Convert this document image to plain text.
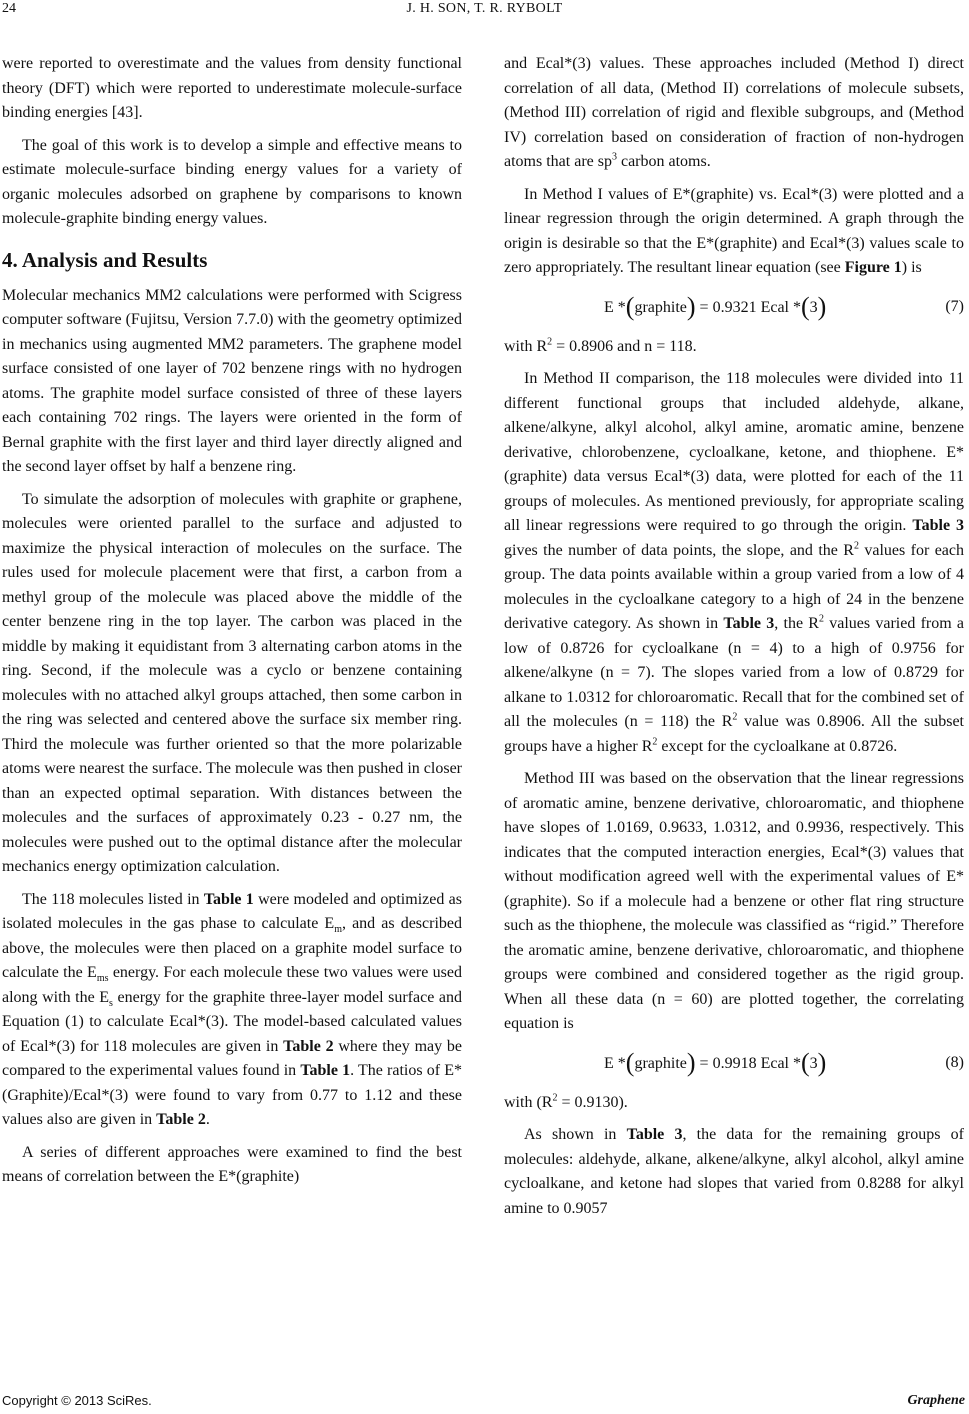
24	J. H. SON, T. R. RYBOLT

were reported to overestimate and the values from density functional theory (DFT) which were reported to underestimate molecule-surface binding energies [43].

The goal of this work is to develop a simple and effective means to estimate molecule-surface binding energy values for a variety of organic molecules adsorbed on graphene by comparisons to known molecule-graphite binding energy values.

4. Analysis and Results

Molecular mechanics MM2 calculations were performed with Scigress computer software (Fujitsu, Version 7.7.0) with the geometry optimized in mechanics using augmented MM2 parameters. The graphene model surface consisted of one layer of 702 benzene rings with no hydrogen atoms. The graphite model surface consisted of three of these layers each containing 702 rings. The layers were oriented in the form of Bernal graphite with the first layer and third layer directly aligned and the second layer offset by half a benzene ring.

To simulate the adsorption of molecules with graphite or graphene, molecules were oriented parallel to the surface and adjusted to maximize the physical interaction of molecules on the surface. The rules used for molecule placement were that first, a carbon from a methyl group of the molecule was placed above the middle of the center benzene ring in the top layer. The carbon was placed in the middle by making it equidistant from 3 alternating carbon atoms in the ring. Second, if the molecule was a cyclo or benzene containing molecules with no attached alkyl groups attached, then some carbon in the ring was selected and centered above the surface six member ring. Third the molecule was further oriented so that the more polarizable atoms were nearest the surface. The molecule was then pushed in closer than an expected optimal separation. With distances between the molecules and the surfaces of approximately 0.23 - 0.27 nm, the molecules were pushed out to the optimal distance after the molecular mechanics energy optimization calculation.

The 118 molecules listed in Table 1 were modeled and optimized as isolated molecules in the gas phase to calculate $E_m$, and as described above, the molecules were then placed on a graphite model surface to calculate the $E_{ms}$ energy. For each molecule these two values were used along with the $E_s$ energy for the graphite three-layer model surface and Equation (1) to calculate Ecal*(3). The model-based calculated values of Ecal*(3) for 118 molecules are given in Table 2 where they may be compared to the experimental values found in Table 1. The ratios of E*(Graphite)/Ecal*(3) were found to vary from 0.77 to 1.12 and these values also are given in Table 2.

A series of different approaches were examined to find the best means of correlation between the E*(graphite)

and Ecal*(3) values. These approaches included (Method I) direct correlation of all data, (Method II) correlations of molecule subsets, (Method III) correlation of rigid and flexible subgroups, and (Method IV) correlation based on consideration of fraction of non-hydrogen atoms that are $sp^3$ carbon atoms.

In Method I values of E*(graphite) vs. Ecal*(3) were plotted and a linear regression through the origin determined. A graph through the origin is desirable so that the E*(graphite) and Ecal*(3) values scale to zero appropriately. The resultant linear equation (see Figure 1) is

E *(graphite) = 0.9321 Ecal *(3)	(7)

with $R^2 = 0.8906$ and n = 118.

In Method II comparison, the 118 molecules were divided into 11 different functional groups that included aldehyde, alkane, alkene/alkyne, alkyl alcohol, alkyl amine, aromatic amine, benzene derivative, chlorobenzene, cycloalkane, ketone, and thiophene. E*(graphite) data versus Ecal*(3) data, were plotted for each of the 11 groups of molecules. As mentioned previously, for appropriate scaling all linear regressions were required to go through the origin. Table 3 gives the number of data points, the slope, and the $R^2$ values for each group. The data points available within a group varied from a low of 4 molecules in the cycloalkane category to a high of 24 in the benzene derivative category. As shown in Table 3, the $R^2$ values varied from a low of 0.8726 for cycloalkane (n = 4) to a high of 0.9756 for alkene/alkyne (n = 7). The slopes varied from a low of 0.8729 for alkane to 1.0312 for chloroaromatic. Recall that for the combined set of all the molecules (n = 118) the $R^2$ value was 0.8906. All the subset groups have a higher $R^2$ except for the cycloalkane at 0.8726.

Method III was based on the observation that the linear regressions of aromatic amine, benzene derivative, chloroaromatic, and thiophene have slopes of 1.0169, 0.9633, 1.0312, and 0.9936, respectively. This indicates that the computed interaction energies, Ecal*(3) values that without modification agreed well with the experimental values of E*(graphite). So if a molecule had a benzene or other flat ring structure such as the thiophene, the molecule was classified as “rigid.” Therefore the aromatic amine, benzene derivative, chloroaromatic, and thiophene groups were combined and considered together as the rigid group. When all these data (n = 60) are plotted together, the correlating equation is

E *(graphite) = 0.9918 Ecal *(3)	(8)

with $(R^2 = 0.9130)$.

As shown in Table 3, the data for the remaining groups of molecules: aldehyde, alkane, alkene/alkyne, alkyl alcohol, alkyl amine cycloalkane, and ketone had slopes that varied from 0.8288 for alkyl amine to 0.9057

Copyright © 2013 SciRes.	Graphene
